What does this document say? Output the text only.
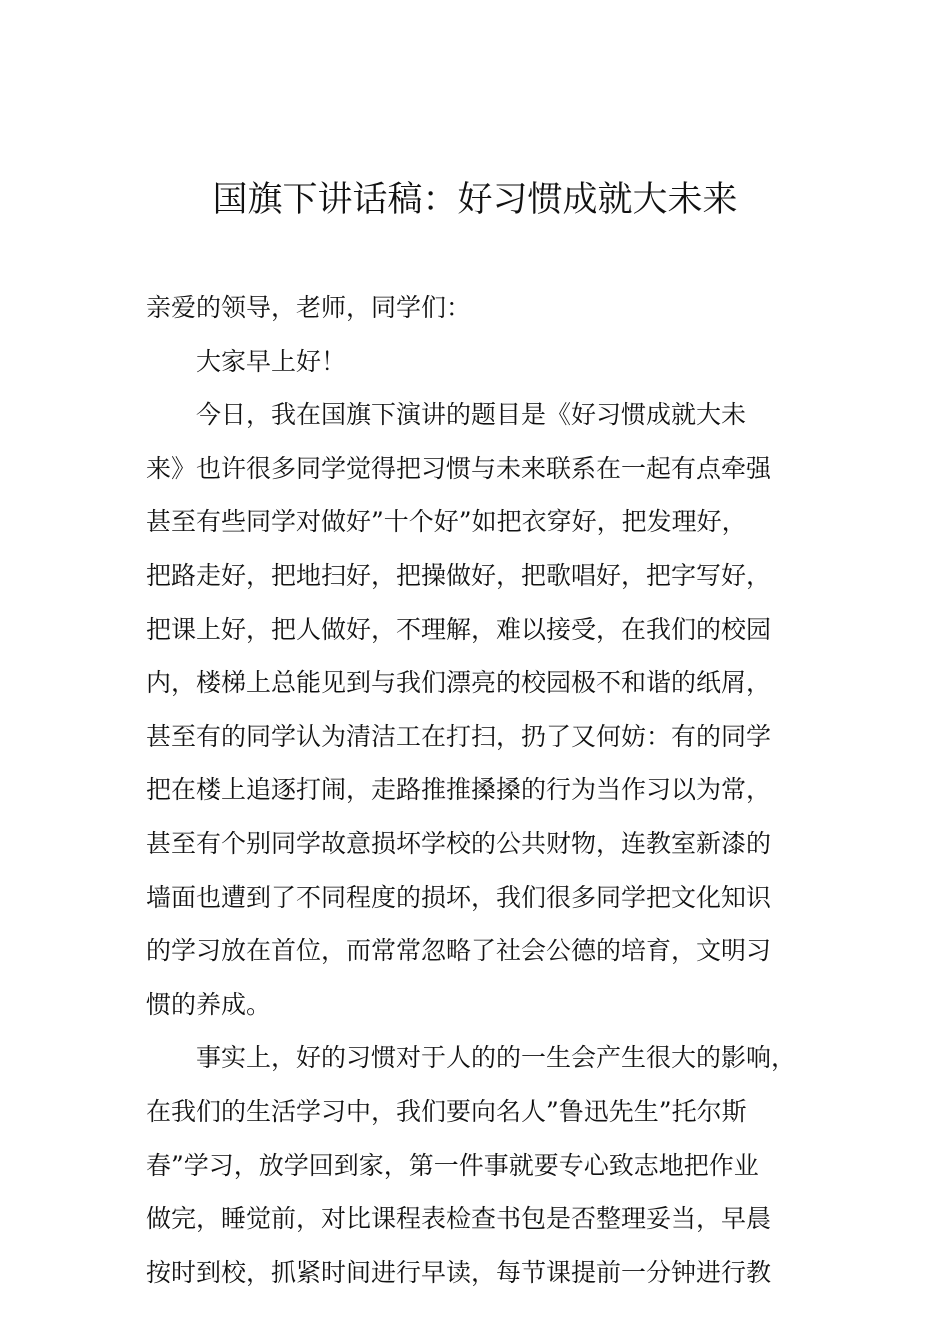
国旗下讲话稿：好习惯成就大未来
亲爱的领导，老师，同学们：
大家早上好！
今日，我在国旗下演讲的题目是《好习惯成就大未
来》也许很多同学觉得把习惯与未来联系在一起有点牵强
甚至有些同学对做好”十个好”如把衣穿好，把发理好，
把路走好，把地扫好，把操做好，把歌唱好，把字写好，
把课上好，把人做好，不理解，难以接受，在我们的校园
内，楼梯上总能见到与我们漂亮的校园极不和谐的纸屑，
甚至有的同学认为清洁工在打扫，扔了又何妨：有的同学
把在楼上追逐打闹，走路推推搡搡的行为当作习以为常，
甚至有个别同学故意损坏学校的公共财物，连教室新漆的
墙面也遭到了不同程度的损坏，我们很多同学把文化知识
的学习放在首位，而常常忽略了社会公德的培育，文明习
惯的养成。
事实上，好的习惯对于人的的一生会产生很大的影响，
在我们的生活学习中，我们要向名人”鲁迅先生”托尔斯
春”学习，放学回到家，第一件事就要专心致志地把作业
做完，睡觉前，对比课程表检查书包是否整理妥当，早晨
按时到校，抓紧时间进行早读，每节课提前一分钟进行教
